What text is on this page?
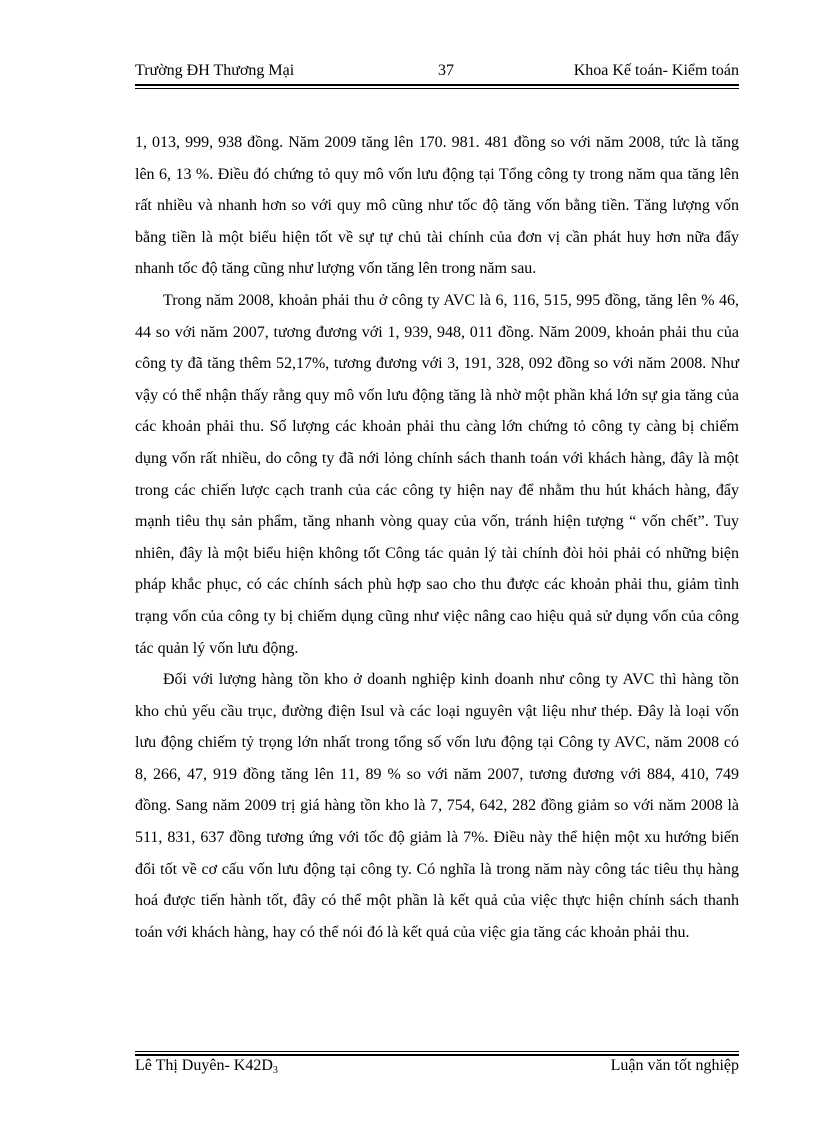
Trường ĐH Thương Mại	37	Khoa Kế toán- Kiểm toán

1, 013, 999, 938 đồng. Năm 2009 tăng lên 170. 981. 481 đồng so với năm 2008, tức là tăng lên 6, 13 %. Điều đó chứng tỏ quy mô vốn lưu động tại Tổng công ty trong năm qua tăng lên rất nhiều và nhanh hơn so với quy mô cũng như tốc độ tăng vốn bằng tiền. Tăng lượng vốn bằng tiền là một biểu hiện tốt về sự tự chủ tài chính của đơn vị cần phát huy hơn nữa đẩy nhanh tốc độ tăng cũng như lượng vốn tăng lên trong năm sau.

Trong năm 2008, khoản phải thu ở công ty AVC là 6, 116, 515, 995 đồng, tăng lên % 46, 44 so với năm 2007, tương đương với 1, 939, 948, 011 đồng. Năm 2009, khoản phải thu của công ty đã tăng thêm 52,17%, tương đương với 3, 191, 328, 092 đồng so với năm 2008. Như vậy có thể nhận thấy rằng quy mô vốn lưu động tăng là nhờ một phần khá lớn sự gia tăng của các khoản phải thu. Số lượng các khoản phải thu càng lớn chứng tỏ công ty càng bị chiếm dụng vốn rất nhiều, do công ty đã nới lỏng chính sách thanh toán với khách hàng, đây là một trong các chiến lược cạch tranh của các công ty hiện nay để nhằm thu hút khách hàng, đẩy mạnh tiêu thụ sản phẩm, tăng nhanh vòng quay của vốn, tránh hiện tượng “ vốn chết”. Tuy nhiên, đây là một biểu hiện không tốt Công tác quản lý tài chính đòi hỏi phải có những biện pháp khắc phục, có các chính sách phù hợp sao cho thu được các khoản phải thu, giảm tình trạng vốn của công ty bị chiếm dụng cũng như việc nâng cao hiệu quả sử dụng vốn của công tác quản lý vốn lưu động.

Đối với lượng hàng tồn kho ở doanh nghiệp kinh doanh như công ty AVC thì hàng tồn kho chủ yếu cầu trục, đường điện Isul và các loại nguyên vật liệu như thép. Đây là loại vốn lưu động chiếm tỷ trọng lớn nhất trong tổng số vốn lưu động tại Công ty AVC, năm 2008 có 8, 266, 47, 919 đồng tăng lên 11, 89 % so với năm 2007, tương đương với 884, 410, 749 đồng. Sang năm 2009 trị giá hàng tồn kho là 7, 754, 642, 282 đồng giảm so với năm 2008 là 511, 831, 637 đồng tương ứng với tốc độ giảm là 7%. Điều này thể hiện một xu hướng biến đổi tốt về cơ cấu vốn lưu động tại công ty. Có nghĩa là trong năm này công tác tiêu thụ hàng hoá được tiến hành tốt, đây có thể một phần là kết quả của việc thực hiện chính sách thanh toán với khách hàng, hay có thể nói đó là kết quả của việc gia tăng các khoản phải thu.

Lê Thị Duyên- $K42D_3$	Luận văn tốt nghiệp
